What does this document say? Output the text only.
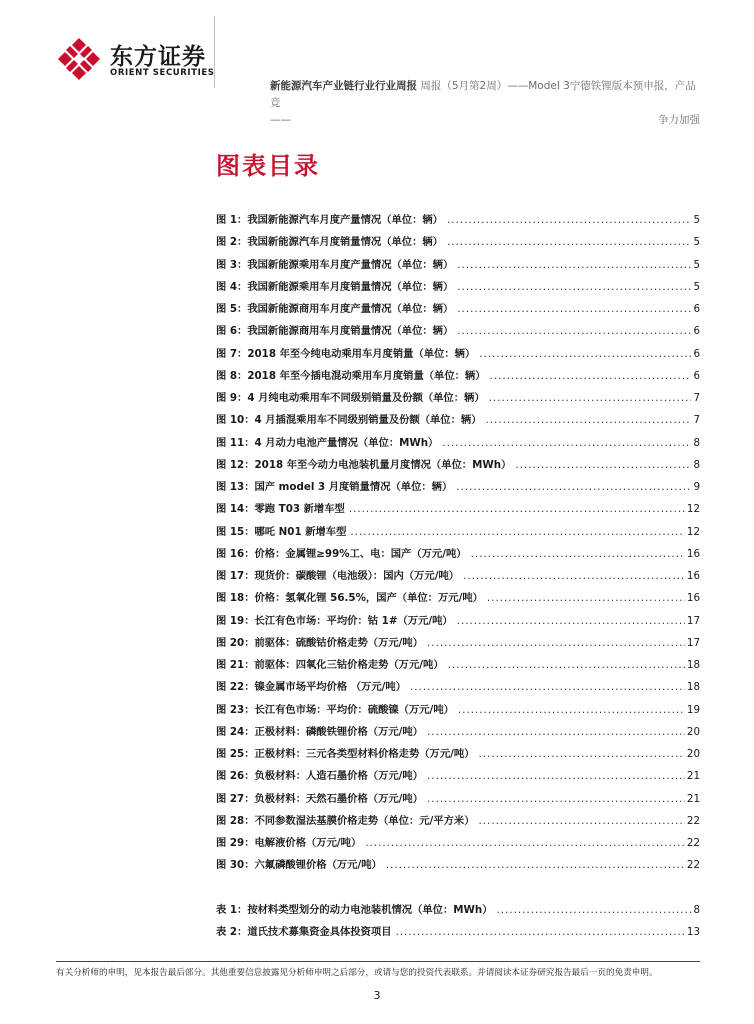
东方证券
ORIENT SECURITIES
新能源汽车产业链行业行业周报 周报（5月第2周）——Model 3宁德铁锂版本预申报，产品竞
——	争力加强
图表目录
图 1：我国新能源汽车月度产量情况（单位：辆） .....	5
图 2：我国新能源汽车月度销量情况（单位：辆） .....	5
图 3：我国新能源乘用车月度产量情况（单位：辆） .....	5
图 4：我国新能源乘用车月度销量情况（单位：辆） .....	5
图 5：我国新能源商用车月度产量情况（单位：辆） .....	6
图 6：我国新能源商用车月度销量情况（单位：辆） .....	6
图 7：2018 年至今纯电动乘用车月度销量（单位：辆） .....	6
图 8：2018 年至今插电混动乘用车月度销量（单位：辆） .....	6
图 9：4 月纯电动乘用车不同级别销量及份额（单位：辆） .....	7
图 10：4 月插混乘用车不同级别销量及份额（单位：辆） .....	7
图 11：4 月动力电池产量情况（单位：MWh） .....	8
图 12：2018 年至今动力电池装机量月度情况（单位：MWh） .....	8
图 13：国产 model 3 月度销量情况（单位：辆） .....	9
图 14：零跑 T03 新增车型 .....	12
图 15：哪吒 N01 新增车型 .....	12
图 16：价格：金属锂≥99%工、电：国产（万元/吨） .....	16
图 17：现货价：碳酸锂（电池级）：国内（万元/吨） .....	16
图 18：价格：氢氧化锂 56.5%，国产（单位：万元/吨） .....	16
图 19：长江有色市场：平均价：钴 1#（万元/吨） .....	17
图 20：前驱体：硫酸钴价格走势（万元/吨） .....	17
图 21：前驱体：四氧化三钴价格走势（万元/吨） .....	18
图 22：镍金属市场平均价格 （万元/吨） .....	18
图 23：长江有色市场：平均价：硫酸镍（万元/吨） .....	19
图 24：正极材料：磷酸铁锂价格（万元/吨） .....	20
图 25：正极材料：三元各类型材料价格走势（万元/吨） .....	20
图 26：负极材料：人造石墨价格（万元/吨） .....	21
图 27：负极材料：天然石墨价格（万元/吨） .....	21
图 28：不同参数湿法基膜价格走势（单位：元/平方米） .....	22
图 29：电解液价格（万元/吨） .....	22
图 30：六氟磷酸锂价格（万元/吨） .....	22
表 1：按材料类型划分的动力电池装机情况（单位：MWh） .....	8
表 2：道氏技术募集资金具体投资项目 .....	13
有关分析师的申明，见本报告最后部分。其他重要信息披露见分析师申明之后部分，或请与您的投资代表联系。并请阅读本证券研究报告最后一页的免责申明。
3
